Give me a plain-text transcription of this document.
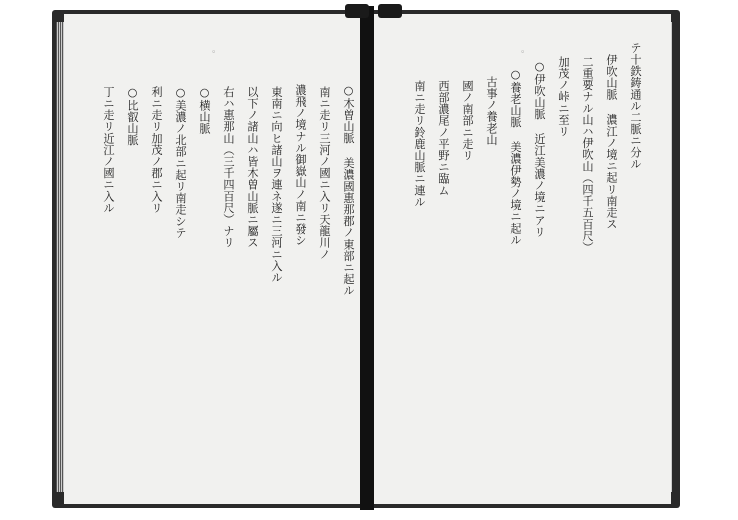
。
○木曽山脈 美濃國惠那郡ノ東部ニ起ル
南ニ走リ三河ノ國ニ入リ天龍川ノ
濃飛ノ境ナル御嶽山ノ南ニ發シ
東南ニ向ヒ諸山ヲ連ネ遂ニ三河ニ入ル
以下ノ諸山ハ皆木曽山脈ニ屬ス
右ハ惠那山（三千四百尺）ナリ
○横山脈
○美濃ノ北部ニ起リ南走シテ
利ニ走リ加茂ノ郡ニ入リ
○比叡山脈
丁ニ走リ近江ノ國ニ入ル
。	テ十鉄鋳通ル二脈ニ分ル
伊吹山脈 濃江ノ境ニ起リ南走ス
二重要ナル山ハ伊吹山（四千五百尺）
加茂ノ峠ニ至リ
○伊吹山脈 近江美濃ノ境ニアリ
○養老山脈 美濃伊勢ノ境ニ起ル
古事ノ養老山
國ノ南部ニ走リ
西部濃尾ノ平野ニ臨ム
南ニ走リ鈴鹿山脈ニ連ル
